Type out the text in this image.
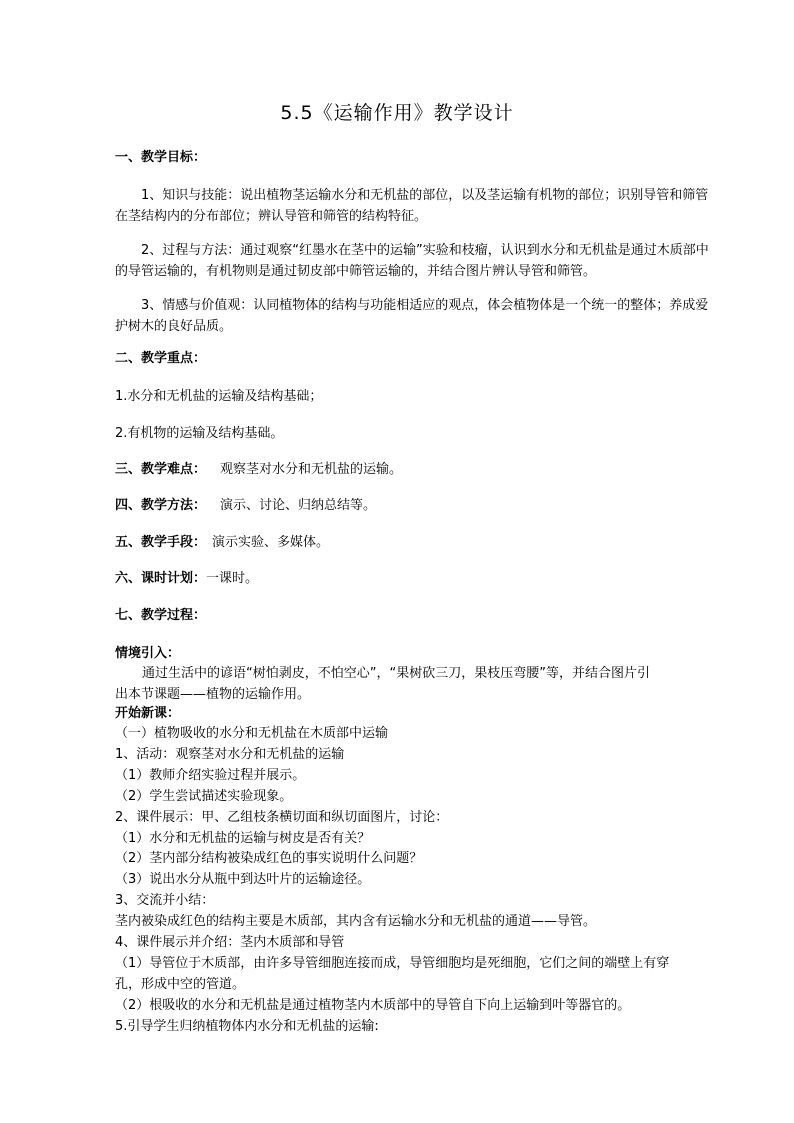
5.5《运输作用》教学设计
一、教学目标：
1、知识与技能：说出植物茎运输水分和无机盐的部位，以及茎运输有机物的部位；识别导管和筛管在茎结构内的分布部位；辨认导管和筛管的结构特征。
2、过程与方法：通过观察“红墨水在茎中的运输”实验和枝瘤，认识到水分和无机盐是通过木质部中的导管运输的，有机物则是通过韧皮部中筛管运输的，并结合图片辨认导管和筛管。
3、情感与价值观：认同植物体的结构与功能相适应的观点，体会植物体是一个统一的整体；养成爱护树木的良好品质。
二、教学重点：
1.水分和无机盐的运输及结构基础；
2.有机物的运输及结构基础。
三、教学难点： 观察茎对水分和无机盐的运输。
四、教学方法： 演示、讨论、归纳总结等。
五、教学手段： 演示实验、多媒体。
六、课时计划：一课时。
七、教学过程：
情境引入：
通过生活中的谚语“树怕剥皮，不怕空心”，“果树砍三刀，果枝压弯腰”等，并结合图片引
出本节课题——植物的运输作用。
开始新课：
（一）植物吸收的水分和无机盐在木质部中运输
1、活动：观察茎对水分和无机盐的运输
（1）教师介绍实验过程并展示。
（2）学生尝试描述实验现象。
2、课件展示：甲、乙组枝条横切面和纵切面图片，讨论：
（1）水分和无机盐的运输与树皮是否有关？
（2）茎内部分结构被染成红色的事实说明什么问题？
（3）说出水分从瓶中到达叶片的运输途径。
3、交流并小结：
茎内被染成红色的结构主要是木质部，其内含有运输水分和无机盐的通道——导管。
4、课件展示并介绍：茎内木质部和导管
（1）导管位于木质部，由许多导管细胞连接而成，导管细胞均是死细胞，它们之间的端壁上有穿
孔，形成中空的管道。
（2）根吸收的水分和无机盐是通过植物茎内木质部中的导管自下向上运输到叶等器官的。
5.引导学生归纳植物体内水分和无机盐的运输:
